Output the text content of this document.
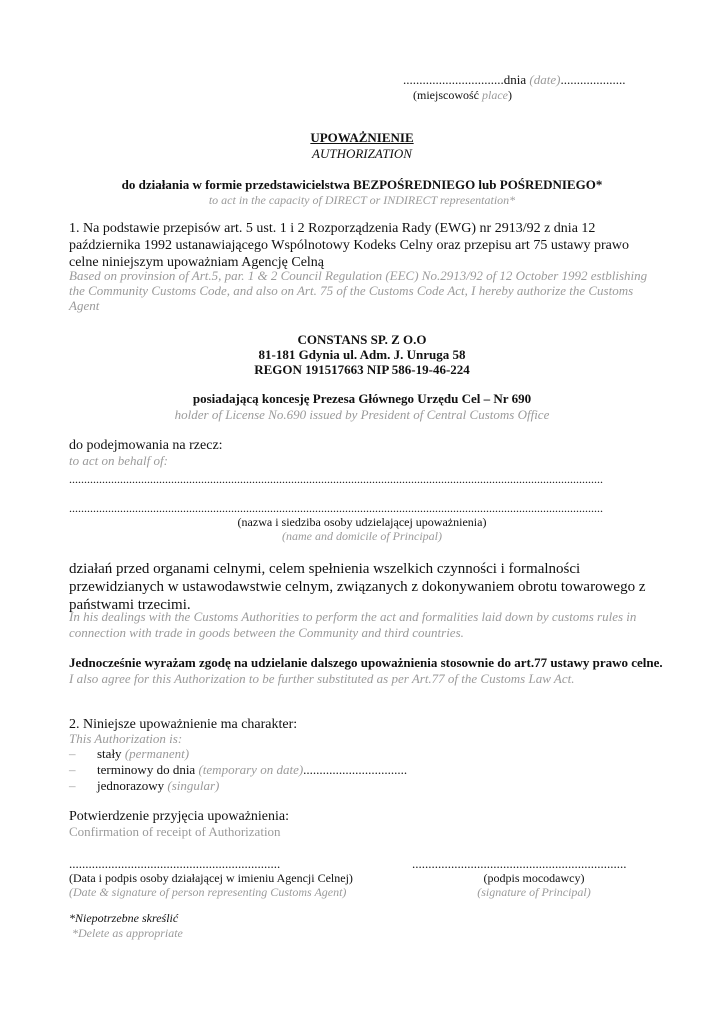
...............................dnia (date)....................
(miejscowość place)
UPOWAŻNIENIE
AUTHORIZATION
do działania w formie przedstawicielstwa BEZPOŚREDNIEGO lub POŚREDNIEGO*
to act in the capacity of DIRECT or INDIRECT representation*
1. Na podstawie przepisów art. 5 ust. 1 i 2 Rozporządzenia Rady (EWG) nr 2913/92 z dnia 12 października 1992 ustanawiającego Wspólnotowy Kodeks Celny oraz przepisu art 75 ustawy prawo celne niniejszym upoważniam Agencję Celną
Based on provinsion of Art.5, par. 1 & 2 Council Regulation (EEC) No.2913/92 of 12 October 1992 estblishing the Community Customs Code, and also on Art. 75 of the Customs Code Act, I hereby authorize the Customs Agent
CONSTANS SP. Z O.O
81-181 Gdynia ul. Adm. J. Unruga 58
REGON 191517663 NIP 586-19-46-224
posiadającą koncesję Prezesa Głównego Urzędu Cel – Nr 690
holder of License No.690 issued by President of Central Customs Office
do podejmowania na rzecz:
to act on behalf of:
..................................................................................................................................................................................
..................................................................................................................................................................................
(nazwa i siedziba osoby udzielającej upoważnienia)
(name and domicile of Principal)
działań przed organami celnymi, celem spełnienia wszelkich czynności i formalności przewidzianych w ustawodawstwie celnym, związanych z dokonywaniem obrotu towarowego z państwami trzecimi.
In his dealings with the Customs Authorities to perform the act and formalities laid down by customs rules in connection with trade in goods between the Community and third countries.
Jednocześnie wyrażam zgodę na udzielanie dalszego upoważnienia stosownie do art.77 ustawy prawo celne.
I also agree for this Authorization to be further substituted as per Art.77 of the Customs Law Act.
2. Niniejsze upoważnienie ma charakter:
This Authorization is:
– stały (permanent)
– terminowy do dnia (temporary on date)................................
– jednorazowy (singular)
Potwierdzenie przyjęcia upoważnienia:
Confirmation of receipt of Authorization
.................................................................
(Data i podpis osoby działającej w imieniu Agencji Celnej)
(Date & signature of person representing Customs Agent)
..................................................................
(podpis mocodawcy)
(signature of Principal)
*Niepotrzebne skreślić
*Delete as appropriate
